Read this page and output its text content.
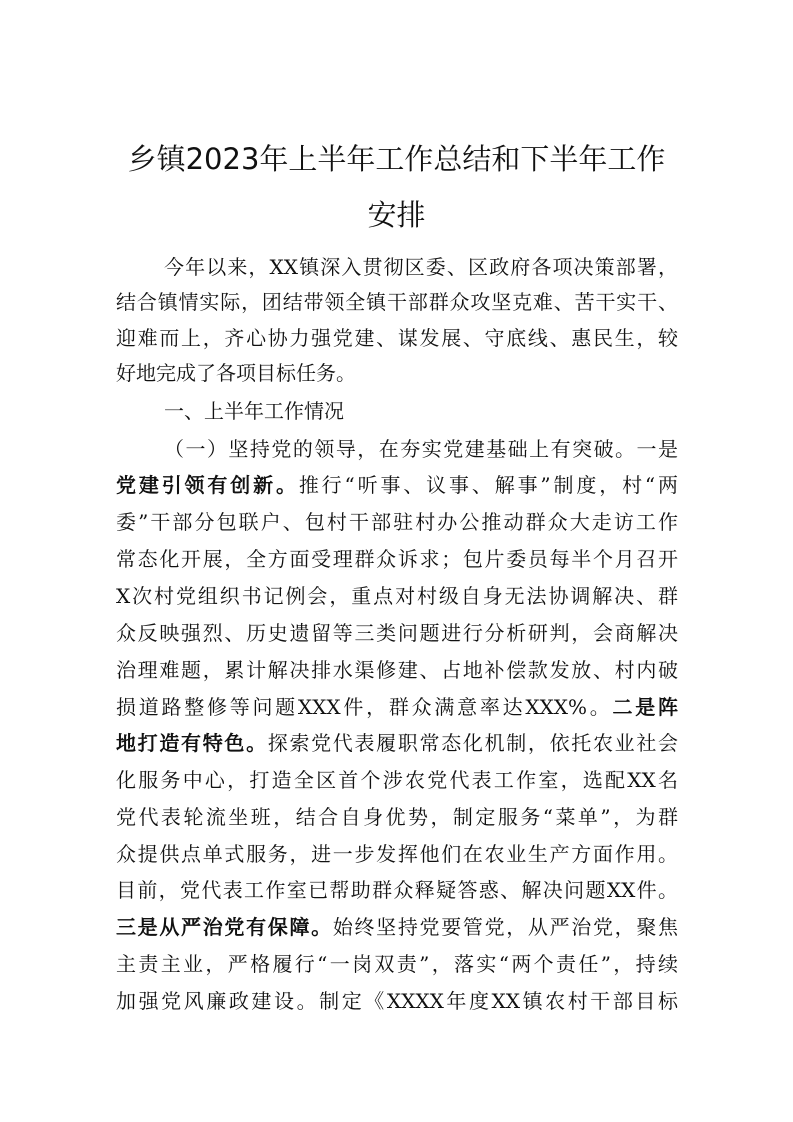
乡镇2023年上半年工作总结和下半年工作
安排
今年以来，XX镇深入贯彻区委、区政府各项决策部署，
结合镇情实际，团结带领全镇干部群众攻坚克难、苦干实干、
迎难而上，齐心协力强党建、谋发展、守底线、惠民生，较
好地完成了各项目标任务。
一、上半年工作情况
（一）坚持党的领导，在夯实党建基础上有突破。一是
党建引领有创新。推行“听事、议事、解事”制度，村“两
委”干部分包联户、包村干部驻村办公推动群众大走访工作
常态化开展，全方面受理群众诉求；包片委员每半个月召开
X次村党组织书记例会，重点对村级自身无法协调解决、群
众反映强烈、历史遗留等三类问题进行分析研判，会商解决
治理难题，累计解决排水渠修建、占地补偿款发放、村内破
损道路整修等问题XXX件，群众满意率达XXX%。二是阵
地打造有特色。探索党代表履职常态化机制，依托农业社会
化服务中心，打造全区首个涉农党代表工作室，选配XX名
党代表轮流坐班，结合自身优势，制定服务“菜单”，为群
众提供点单式服务，进一步发挥他们在农业生产方面作用。
目前，党代表工作室已帮助群众释疑答惑、解决问题XX件。
三是从严治党有保障。始终坚持党要管党，从严治党，聚焦
主责主业，严格履行“一岗双责”，落实“两个责任”，持续
加强党风廉政建设。制定《XXXX年度XX镇农村干部目标
